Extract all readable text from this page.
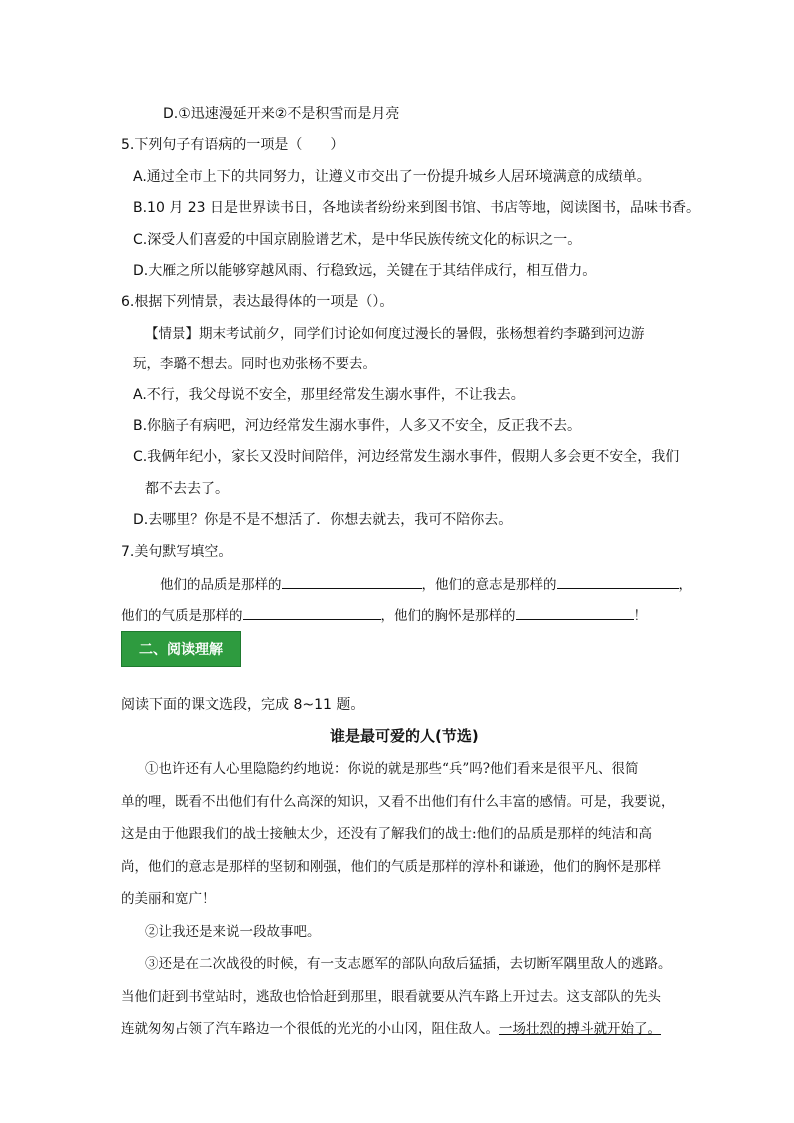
D.①迅速漫延开来②不是积雪而是月亮
5.下列句子有语病的一项是（　　）
A.通过全市上下的共同努力，让遵义市交出了一份提升城乡人居环境满意的成绩单。
B.10 月 23 日是世界读书日，各地读者纷纷来到图书馆、书店等地，阅读图书，品味书香。
C.深受人们喜爱的中国京剧脸谱艺术，是中华民族传统文化的标识之一。
D.大雁之所以能够穿越风雨、行稳致远，关键在于其结伴成行，相互借力。
6.根据下列情景，表达最得体的一项是（）。
【情景】期末考试前夕，同学们讨论如何度过漫长的暑假，张杨想着约李璐到河边游
玩，李璐不想去。同时也劝张杨不要去。
A.不行，我父母说不安全，那里经常发生溺水事件，不让我去。
B.你脑子有病吧，河边经常发生溺水事件，人多又不安全，反正我不去。
C.我俩年纪小，家长又没时间陪伴，河边经常发生溺水事件，假期人多会更不安全，我们
都不去去了。
D.去哪里？你是不是不想活了．你想去就去，我可不陪你去。
7.美句默写填空。
他们的品质是那样的	，他们的意志是那样的	，
他们的气质是那样的	，他们的胸怀是那样的	！
二、阅读理解
阅读下面的课文选段，完成 8~11 题。
谁是最可爱的人(节选)
①也许还有人心里隐隐约约地说：你说的就是那些“兵”吗?他们看来是很平凡、很简
单的哩，既看不出他们有什么高深的知识，又看不出他们有什么丰富的感情。可是，我要说，
这是由于他跟我们的战士接触太少，还没有了解我们的战士:他们的品质是那样的纯洁和高
尚，他们的意志是那样的坚韧和刚强，他们的气质是那样的淳朴和谦逊，他们的胸怀是那样
的美丽和宽广！
②让我还是来说一段故事吧。
③还是在二次战役的时候，有一支志愿军的部队向敌后猛插，去切断军隅里敌人的逃路。
当他们赶到书堂站时，逃敌也恰恰赶到那里，眼看就要从汽车路上开过去。这支部队的先头
连就匆匆占领了汽车路边一个很低的光光的小山冈，阻住敌人。一场壮烈的搏斗就开始了。
